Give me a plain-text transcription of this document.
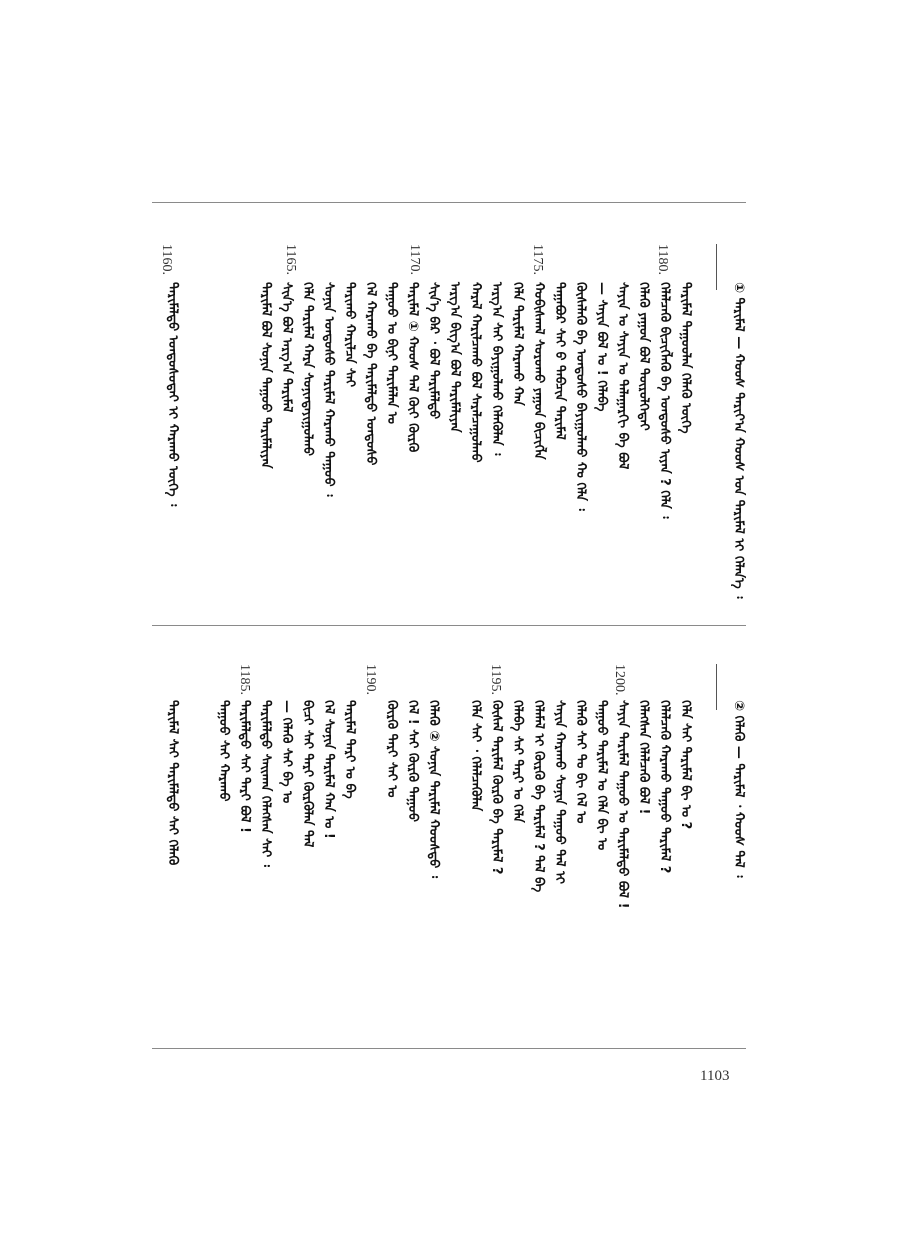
① ᠲᠠᠷᠢᠮᠠᠯ — ᠬᠣᠣᠰ ᠲᠠᠷᠢᠶ᠎ᠠ ᠬᠣᠣᠰ ᠤᠨ ᠲᠠᠷᠢᠮᠠᠯ ᠢ ᠬᠡᠯᠡᠨ᠎ᠡ ᠄
ᠲᠠᠷᠢᠮᠠᠯ ᠳᠠᠭᠤᠤᠯᠠᠨ ᠬᠡᠯᠡᠬᠦ ᠦᠭᠡ
ᠬᠡᠯᠡᠯᠴᠡᠬᠦ ᠪᠢᠴᠢᠭᠯᠡᠬᠦ ᠪᠡ ᠤᠨᠳᠤᠰᠤ ᠢᠶᠠᠨ ? ᠬᠡᠯᠡ ᠄
ᠬᠡᠯᠡᠬᠦ ᠶᠠᠭᠤᠨ ᠪᠣᠯ ᠲᠦᠷᠦᠯᠭᠡᠲᠡᠢ
ᠰᠠᠶᠢᠨ ᠤ ᠰᠠᠶᠢᠨ ᠤ ᠲᠠᠯᠠᠭᠠᠷᠬᠢ ᠪᠡ ᠪᠣᠯ
— ᠰᠠᠶᠢᠨ ᠪᠣᠯ ᠤ ! ᠬᠡᠯᠡᠪᠡ
ᠬᠦᠰᠡᠯᠡᠬᠦ ᠪᠡ ᠤᠨᠳᠤᠰᠤ ᠪᠠᠶᠢᠭᠤᠯᠬᠤ ᠬᠣ ᠬᠡᠯᠡ ᠄
ᠲᠠᠭᠠᠪᠤᠷ ᠰᠠᠢ ᠪ ᠲᠡᠪᠴᠢᠨ ᠲᠠᠷᠢᠮᠠᠯ
ᠬᠤᠪᠢᠰᠬᠠᠯ ᠰᠤᠷᠤᠬᠤ ᠶᠠᠭᠤᠨ ᠪᠢᠴᠢᠭᠯᠡ
ᠬᠡᠯᠡ ᠲᠠᠷᠢᠮᠠᠯ ᠬᠠᠷᠠᠬᠤ ᠬᠠᠨ
ᠠᠷᠭ᠎ᠠ ᠰᠠᠢ ᠪᠠᠶᠢᠭᠤᠯᠬᠤ ᠬᠡᠯᠡᠬᠦᠯᠡᠨ ᠄
ᠬᠠᠷᠠᠯ ᠬᠠᠷᠢᠯᠴᠠᠬᠤ ᠪᠣᠯ ᠰᠠᠷᠠᠯᠴᠠᠭᠤᠯᠬᠤ
ᠠᠷᠭ᠎ᠠ ᠪᠢᠭ᠎ᠠ ᠪᠣᠯ ᠲᠠᠷᠢᠮᠠᠯᠢᠶᠠᠨ
ᠰᠢᠨ᠎ᠡ ᠪᠠᠷ ᠂ ᠪᠣᠯ ᠲᠠᠷᠢᠮᠠᠯᠲᠤ
ᠲᠠᠷᠢᠮᠠᠯ ① ᠬᠣᠣᠰ ᠲᠠᠯ ᠬᠦᠢ ᠬᠦᠷᠬᠦ
ᠲᠠᠭᠤᠤ ᠤ ᠪᠢᠨᠢ ᠲᠠᠷᠢᠮᠠᠯᠠᠨ ᠤ
ᠬᠡᠯ ᠬᠠᠷᠠᠬᠤ ᠪᠡ ᠲᠠᠷᠢᠮᠠᠯᠲᠤ ᠤᠨᠳᠤᠰᠤ
ᠲᠠᠷᠢᠬᠤ ᠬᠠᠷᠢᠯᠴᠠ ᠰᠠᠢ
ᠰᠣᠨᠢᠨ ᠤᠨᠳᠤᠰᠤ ᠲᠠᠷᠢᠮᠠᠯ ᠬᠠᠷᠠᠬᠤ ᠲᠠᠭᠤᠤ ᠄
ᠬᠡᠯᠡ ᠲᠠᠷᠢᠮᠠᠯ ᠬᠠᠷᠠ ᠰᠣᠨᠢᠨᠲᠠᠶᠢᠭᠤᠯᠬᠤ
ᠰᠢᠨ᠎ᠡ ᠪᠣᠯ ᠠᠷᠭ᠎ᠠ ᠲᠠᠷᠢᠮᠠᠯ
ᠲᠠᠷᠢᠮᠠᠯ ᠪᠣᠯ ᠰᠣᠨᠢᠨ ᠲᠠᠭᠤᠤ ᠲᠠᠷᠢᠮᠠᠯᠢᠶᠠᠨ
ᠲᠠᠷᠢᠮᠠᠯᠲᠤ ᠤᠨᠳᠤᠰᠤᠲᠠᠢ ᠢ ᠬᠠᠷᠠᠬᠤ ᠦᠭᠡ ᠄
1180.
1175.
1170.
1165.
1160.
② ᠬᠡᠯᠡᠬᠦ — ᠲᠠᠷᠢᠮᠠᠯ ᠂ ᠬᠣᠣᠰ ᠲᠠᠯ ᠄
ᠬᠡᠯᠡ ᠰᠠᠢ ᠲᠠᠷᠢᠮᠠᠯ ᠪᠢ ᠤ ?
ᠬᠡᠯᠡᠯᠴᠡᠬᠦ ᠬᠠᠷᠠᠬᠤ ᠳᠠᠭᠤᠤ ᠲᠠᠷᠢᠮᠠᠯ ?
ᠬᠡᠯᠡᠭᠰᠡᠨ ᠬᠡᠯᠡᠯᠴᠡᠬᠦ ᠪᠣᠯ !
ᠰᠠᠶᠢᠨ ᠲᠠᠷᠢᠮᠠᠯ ᠲᠠᠭᠤᠤ ᠤ ᠲᠠᠷᠢᠮᠠᠯᠲᠤ ᠪᠣᠯ !
ᠲᠠᠭᠤᠤ ᠲᠠᠷᠢᠮᠠᠯ ᠤ ᠬᠡᠯᠡ ᠪᠢ ᠤ
ᠬᠡᠯᠡᠬᠦ ᠰᠠᠢ ᠲᠣ ᠪᠢ ᠬᠡᠯ ᠤ
ᠰᠠᠶᠢᠨ ᠬᠠᠷᠠᠬᠤ ᠰᠣᠨᠢᠨ ᠲᠠᠭᠤᠤ ᠲᠠᠯ ᠢ
ᠬᠡᠯᠡᠮᠡᠯ ᠢ ᠬᠦᠷᠬᠦ ᠪᠡ ᠲᠠᠷᠢᠮᠠᠯ ? ᠲᠠᠯ ᠪᠡ
ᠬᠡᠯᠡᠪᠡ ᠰᠠᠢ ᠲᠠᠷᠢ ᠤ ᠬᠡᠯᠡ
ᠬᠦᠰᠡᠯ ᠲᠠᠷᠢᠮᠠᠯ ᠬᠦᠷᠬᠦ ᠪᠡ ᠲᠠᠷᠢᠮᠠᠯ ?
ᠬᠡᠯᠡ ᠰᠠᠢ ᠂ ᠬᠡᠯᠡᠯᠴᠡᠬᠦᠯᠡᠨ
ᠬᠡᠯᠡᠬᠦ ② ᠰᠣᠨᠢᠨ ᠲᠠᠷᠢᠮᠠᠯ ᠬᠣᠣᠰᠲᠤ ᠄
ᠬᠡᠯ ! ᠰᠠᠢ ᠬᠦᠷᠬᠦ ᠲᠠᠭᠤᠤ
ᠬᠦᠷᠬᠦ ᠲᠠᠷᠢ ᠰᠠᠢ ᠤ
ᠲᠠᠷᠢᠮᠠᠯ ᠲᠠᠷᠢ ᠤ ᠪᠡ
ᠬᠡᠯ ᠰᠣᠨᠢᠨ ᠲᠠᠷᠢᠮᠠᠯ ᠬᠠᠨ ᠤ !
ᠪᠢᠴᠢ ᠰᠠᠢ ᠲᠠᠷᠢ ᠬᠦᠷᠬᠦᠯᠡᠨ ᠲᠠᠯ
— ᠬᠡᠯᠡᠬᠦ ᠰᠠᠢ ᠪᠡ ᠤ
ᠲᠠᠷᠢᠮᠠᠯᠲᠤ ᠰᠠᠢᠬᠠᠨ ᠬᠡᠯᠡᠭᠰᠡᠨ ᠰᠠᠢ ᠄
ᠲᠠᠷᠢᠮᠠᠯᠲᠤ ᠰᠠᠢ ᠲᠠᠷᠢ ᠪᠣᠯ !
ᠲᠠᠭᠤᠤ ᠰᠠᠢ ᠬᠠᠷᠠᠬᠤ
ᠲᠠᠷᠢᠮᠠᠯ ᠰᠠᠢ ᠲᠠᠷᠢᠮᠠᠯᠲᠤ ᠰᠠᠢ ᠬᠡᠯᠡᠬᠦ
1200.
1195.
1190.
1185.
1103
